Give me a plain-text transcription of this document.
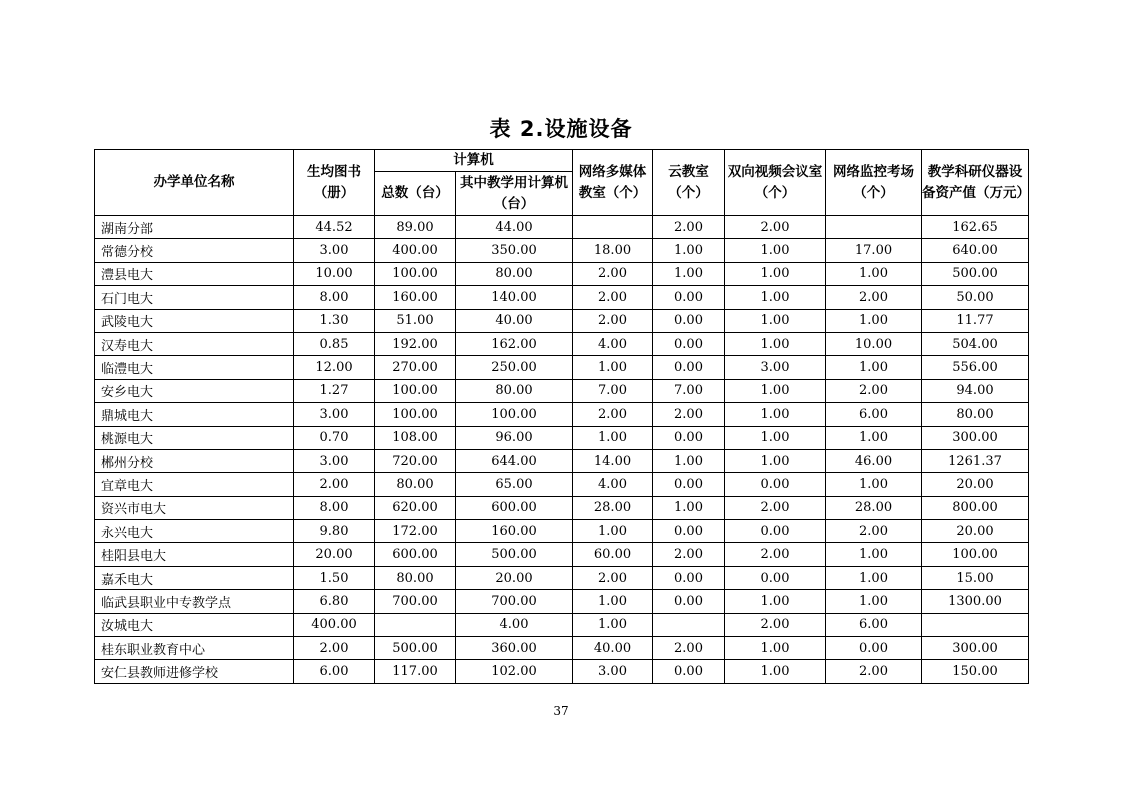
表 2.设施设备
办学单位名称	生均图书（册）	计算机		网络多媒体教室（个）	云教室（个）	双向视频会议室（个）	网络监控考场（个）	教学科研仪器设备资产值（万元）
		总数（台）	其中教学用计算机（台）					
湖南分部	44.52	89.00	44.00		2.00	2.00		162.65
常德分校	3.00	400.00	350.00	18.00	1.00	1.00	17.00	640.00
澧县电大	10.00	100.00	80.00	2.00	1.00	1.00	1.00	500.00
石门电大	8.00	160.00	140.00	2.00	0.00	1.00	2.00	50.00
武陵电大	1.30	51.00	40.00	2.00	0.00	1.00	1.00	11.77
汉寿电大	0.85	192.00	162.00	4.00	0.00	1.00	10.00	504.00
临澧电大	12.00	270.00	250.00	1.00	0.00	3.00	1.00	556.00
安乡电大	1.27	100.00	80.00	7.00	7.00	1.00	2.00	94.00
鼎城电大	3.00	100.00	100.00	2.00	2.00	1.00	6.00	80.00
桃源电大	0.70	108.00	96.00	1.00	0.00	1.00	1.00	300.00
郴州分校	3.00	720.00	644.00	14.00	1.00	1.00	46.00	1261.37
宜章电大	2.00	80.00	65.00	4.00	0.00	0.00	1.00	20.00
资兴市电大	8.00	620.00	600.00	28.00	1.00	2.00	28.00	800.00
永兴电大	9.80	172.00	160.00	1.00	0.00	0.00	2.00	20.00
桂阳县电大	20.00	600.00	500.00	60.00	2.00	2.00	1.00	100.00
嘉禾电大	1.50	80.00	20.00	2.00	0.00	0.00	1.00	15.00
临武县职业中专教学点	6.80	700.00	700.00	1.00	0.00	1.00	1.00	1300.00
汝城电大	400.00		4.00	1.00		2.00	6.00	
桂东职业教育中心	2.00	500.00	360.00	40.00	2.00	1.00	0.00	300.00
安仁县教师进修学校	6.00	117.00	102.00	3.00	0.00	1.00	2.00	150.00
37
